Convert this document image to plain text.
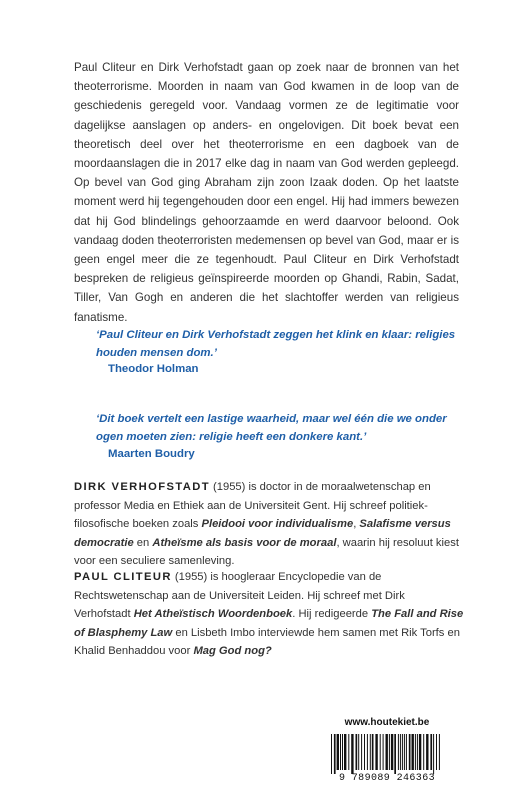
Paul Cliteur en Dirk Verhofstadt gaan op zoek naar de bronnen van het theoterrorisme. Moorden in naam van God kwamen in de loop van de geschiedenis geregeld voor. Vandaag vormen ze de legitimatie voor dagelijkse aanslagen op anders- en ongelovigen. Dit boek bevat een theoretisch deel over het theoterrorisme en een dagboek van de moordaanslagen die in 2017 elke dag in naam van God werden gepleegd. Op bevel van God ging Abraham zijn zoon Izaak doden. Op het laatste moment werd hij tegengehouden door een engel. Hij had immers bewezen dat hij God blindelings gehoorzaamde en werd daarvoor beloond. Ook vandaag doden theoterroristen medemensen op bevel van God, maar er is geen engel meer die ze tegenhoudt. Paul Cliteur en Dirk Verhofstadt bespreken de religieus geïnspireerde moorden op Ghandi, Rabin, Sadat, Tiller, Van Gogh en anderen die het slachtoffer werden van religieus fanatisme.

‘Paul Cliteur en Dirk Verhofstadt zeggen het klink en klaar: religies houden mensen dom.’

Theodor Holman

‘Dit boek vertelt een lastige waarheid, maar wel één die we onder ogen moeten zien: religie heeft een donkere kant.’

Maarten Boudry

DIRK VERHOFSTADT (1955) is doctor in de moraalwetenschap en professor Media en Ethiek aan de Universiteit Gent. Hij schreef politiek-filosofische boeken zoals Pleidooi voor individualisme, Salafisme versus democratie en Atheïsme als basis voor de moraal, waarin hij resoluut kiest voor een seculiere samenleving.

PAUL CLITEUR (1955) is hoogleraar Encyclopedie van de Rechtswetenschap aan de Universiteit Leiden. Hij schreef met Dirk Verhofstadt Het Atheïstisch Woordenboek. Hij redigeerde The Fall and Rise of Blasphemy Law en Lisbeth Imbo interviewde hem samen met Rik Torfs en Khalid Benhaddou voor Mag God nog?

www.houtekiet.be
9 789089 246363
